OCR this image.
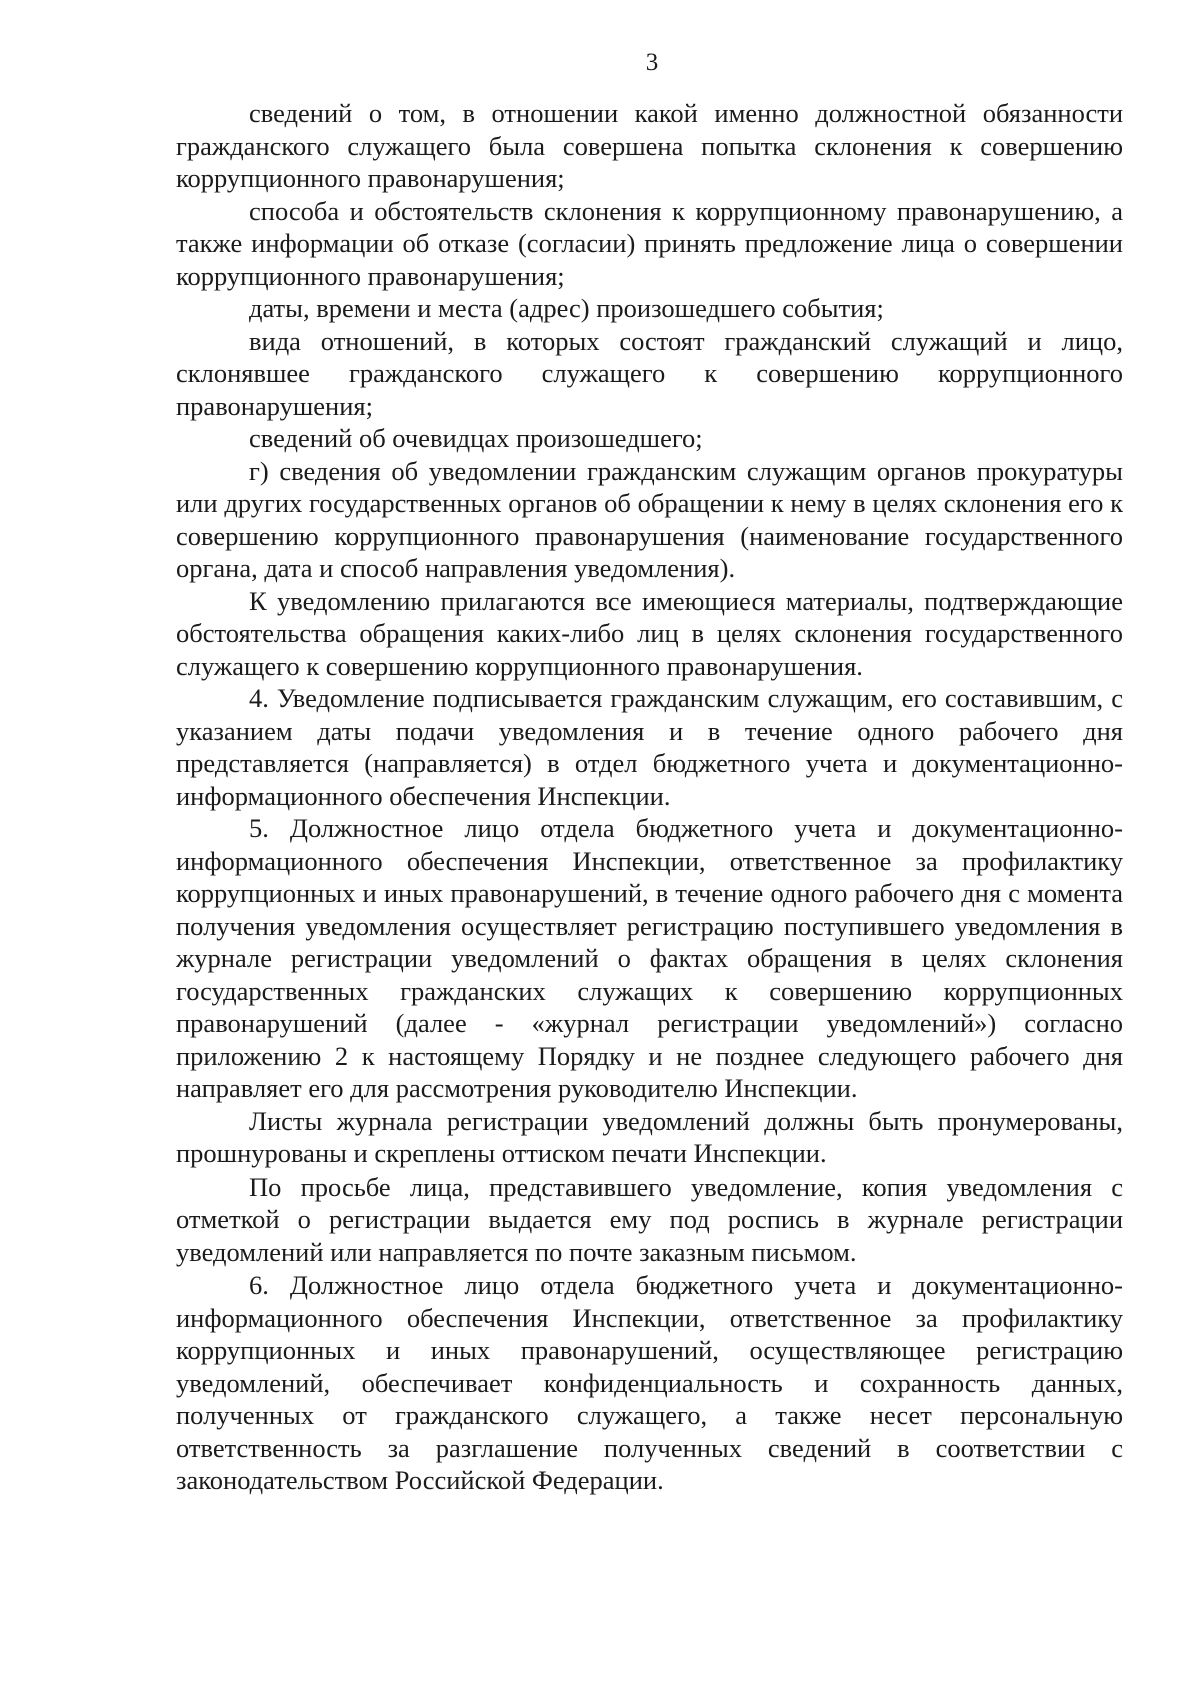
3

сведений о том, в отношении какой именно должностной обязанности гражданского служащего была совершена попытка склонения к совершению коррупционного правонарушения;

способа и обстоятельств склонения к коррупционному правонарушению, а также информации об отказе (согласии) принять предложение лица о совершении коррупционного правонарушения;

даты, времени и места (адрес) произошедшего события;

вида отношений, в которых состоят гражданский служащий и лицо, склонявшее гражданского служащего к совершению коррупционного правонарушения;

сведений об очевидцах произошедшего;

г) сведения об уведомлении гражданским служащим органов прокуратуры или других государственных органов об обращении к нему в целях склонения его к совершению коррупционного правонарушения (наименование государственного органа, дата и способ направления уведомления).

К уведомлению прилагаются все имеющиеся материалы, подтверждающие обстоятельства обращения каких-либо лиц в целях склонения государственного служащего к совершению коррупционного правонарушения.

4. Уведомление подписывается гражданским служащим, его составившим, с указанием даты подачи уведомления и в течение одного рабочего дня представляется (направляется) в отдел бюджетного учета и документационно-информационного обеспечения Инспекции.

5. Должностное лицо отдела бюджетного учета и документационно-информационного обеспечения Инспекции, ответственное за профилактику коррупционных и иных правонарушений, в течение одного рабочего дня с момента получения уведомления осуществляет регистрацию поступившего уведомления в журнале регистрации уведомлений о фактах обращения в целях склонения государственных гражданских служащих к совершению коррупционных правонарушений (далее - «журнал регистрации уведомлений») согласно приложению 2 к настоящему Порядку и не позднее следующего рабочего дня направляет его для рассмотрения руководителю Инспекции.

Листы журнала регистрации уведомлений должны быть пронумерованы, прошнурованы и скреплены оттиском печати Инспекции.

По просьбе лица, представившего уведомление, копия уведомления с отметкой о регистрации выдается ему под роспись в журнале регистрации уведомлений или направляется по почте заказным письмом.

6. Должностное лицо отдела бюджетного учета и документационно-информационного обеспечения Инспекции, ответственное за профилактику коррупционных и иных правонарушений, осуществляющее регистрацию уведомлений, обеспечивает конфиденциальность и сохранность данных, полученных от гражданского служащего, а также несет персональную ответственность за разглашение полученных сведений в соответствии с законодательством Российской Федерации.
